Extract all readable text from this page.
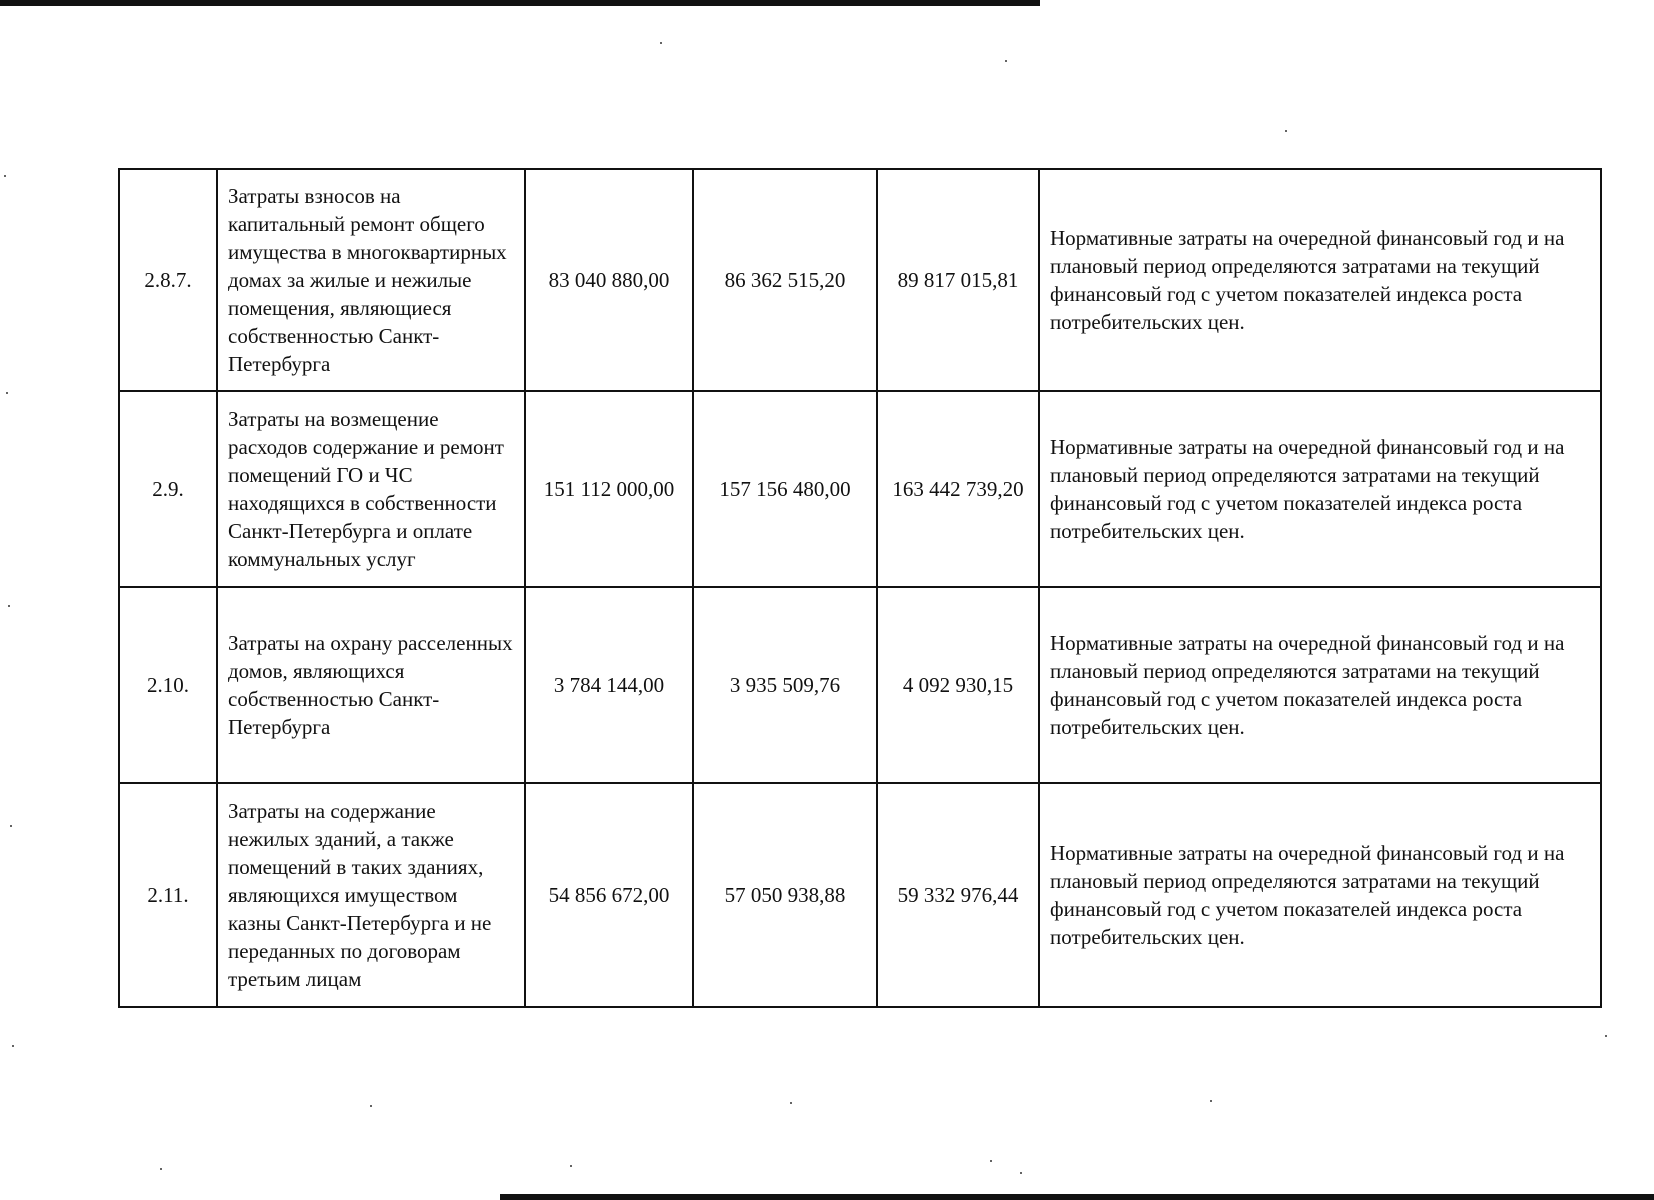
2.8.7.	Затраты взносов на капитальный ремонт общего имущества в многоквартирных домах за жилые и нежилые помещения, являющиеся собственностью Санкт-Петербурга	83 040 880,00	86 362 515,20	89 817 015,81	Нормативные затраты на очередной финансовый год и на плановый период определяются затратами на текущий финансовый год с учетом показателей индекса роста потребительских цен.
2.9.	Затраты на возмещение расходов содержание и ремонт помещений ГО и ЧС находящихся в собственности Санкт-Петербурга и оплате коммунальных услуг	151 112 000,00	157 156 480,00	163 442 739,20	Нормативные затраты на очередной финансовый год и на плановый период определяются затратами на текущий финансовый год с учетом показателей индекса роста потребительских цен.
2.10.	Затраты на охрану расселенных домов, являющихся собственностью Санкт-Петербурга	3 784 144,00	3 935 509,76	4 092 930,15	Нормативные затраты на очередной финансовый год и на плановый период определяются затратами на текущий финансовый год с учетом показателей индекса роста потребительских цен.
2.11.	Затраты на содержание нежилых зданий, а также помещений в таких зданиях, являющихся имуществом казны Санкт-Петербурга и не переданных по договорам третьим лицам	54 856 672,00	57 050 938,88	59 332 976,44	Нормативные затраты на очередной финансовый год и на плановый период определяются затратами на текущий финансовый год с учетом показателей индекса роста потребительских цен.
